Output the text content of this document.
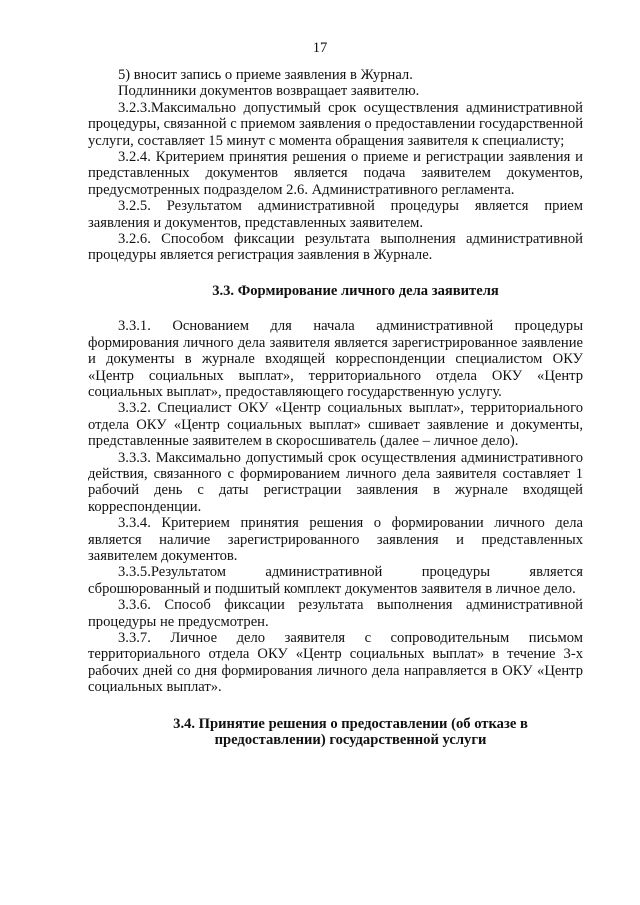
17

5) вносит запись о приеме заявления в Журнал.

Подлинники документов возвращает заявителю.

3.2.3.Максимально допустимый срок осуществления административной процедуры, связанной с приемом заявления о предоставлении государственной услуги, составляет 15 минут с момента обращения заявителя к специалисту;

3.2.4. Критерием принятия решения о приеме и регистрации заявления и представленных документов является подача заявителем документов, предусмотренных подразделом 2.6. Административного регламента.

3.2.5. Результатом административной процедуры является прием заявления и документов, представленных заявителем.

3.2.6. Способом фиксации результата выполнения административной процедуры является регистрация заявления в Журнале.

3.3. Формирование личного дела заявителя

3.3.1. Основанием для начала административной процедуры формирования личного дела заявителя является зарегистрированное заявление и документы в журнале входящей корреспонденции специалистом ОКУ «Центр социальных выплат», территориального отдела ОКУ «Центр социальных выплат», предоставляющего государственную услугу.

3.3.2. Специалист ОКУ «Центр социальных выплат», территориального отдела ОКУ «Центр социальных выплат» сшивает заявление и документы, представленные заявителем в скоросшиватель (далее – личное дело).

3.3.3. Максимально допустимый срок осуществления административного действия, связанного с формированием личного дела заявителя составляет 1 рабочий день с даты регистрации заявления в журнале входящей корреспонденции.

3.3.4. Критерием принятия решения о формировании личного дела является наличие зарегистрированного заявления и представленных заявителем документов.

3.3.5.Результатом административной процедуры является сброшюрованный и подшитый комплект документов заявителя в личное дело.

3.3.6. Способ фиксации результата выполнения административной процедуры не предусмотрен.

3.3.7. Личное дело заявителя с сопроводительным письмом территориального отдела ОКУ «Центр социальных выплат» в течение 3-х рабочих дней со дня формирования личного дела направляется в ОКУ «Центр социальных выплат».

3.4. Принятие решения о предоставлении (об отказе в
предоставлении) государственной услуги
